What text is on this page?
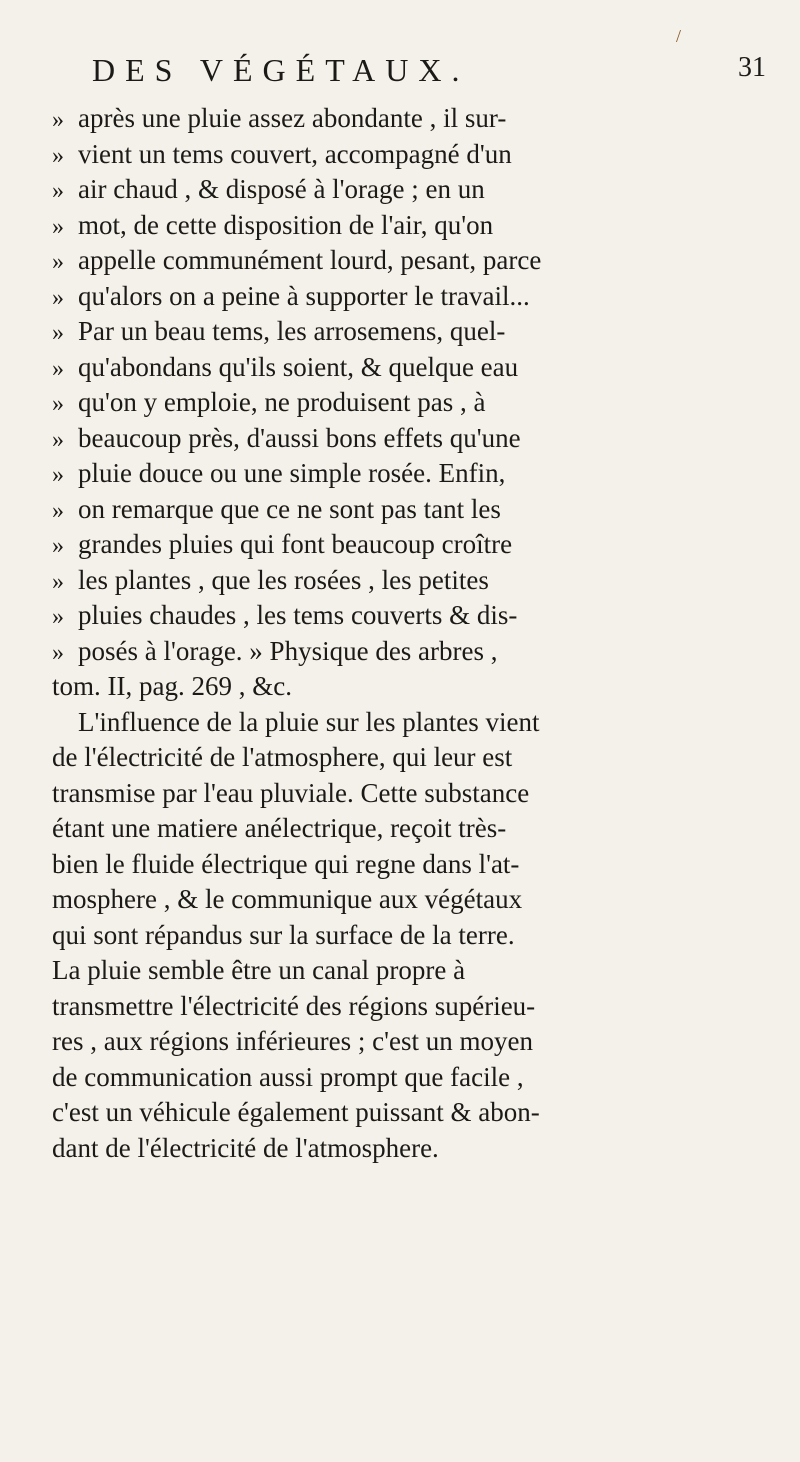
/
DES VÉGÉTAUX.	31
» après une pluie assez abondante , il sur-
» vient un tems couvert, accompagné d'un
» air chaud , & disposé à l'orage ; en un
» mot, de cette disposition de l'air, qu'on
» appelle communément lourd, pesant, parce
» qu'alors on a peine à supporter le travail...
» Par un beau tems, les arrosemens, quel-
» qu'abondans qu'ils soient, & quelque eau
» qu'on y emploie, ne produisent pas , à
» beaucoup près, d'aussi bons effets qu'une
» pluie douce ou une simple rosée. Enfin,
» on remarque que ce ne sont pas tant les
» grandes pluies qui font beaucoup croître
» les plantes , que les rosées , les petites
» pluies chaudes , les tems couverts & dis-
» posés à l'orage. » Physique des arbres ,
tom. II, pag. 269 , &c.
L'influence de la pluie sur les plantes vient
de l'électricité de l'atmosphere, qui leur est
transmise par l'eau pluviale. Cette substance
étant une matiere anélectrique, reçoit très-
bien le fluide électrique qui regne dans l'at-
mosphere , & le communique aux végétaux
qui sont répandus sur la surface de la terre.
La pluie semble être un canal propre à
transmettre l'électricité des régions supérieu-
res , aux régions inférieures ; c'est un moyen
de communication aussi prompt que facile ,
c'est un véhicule également puissant & abon-
dant de l'électricité de l'atmosphere.
